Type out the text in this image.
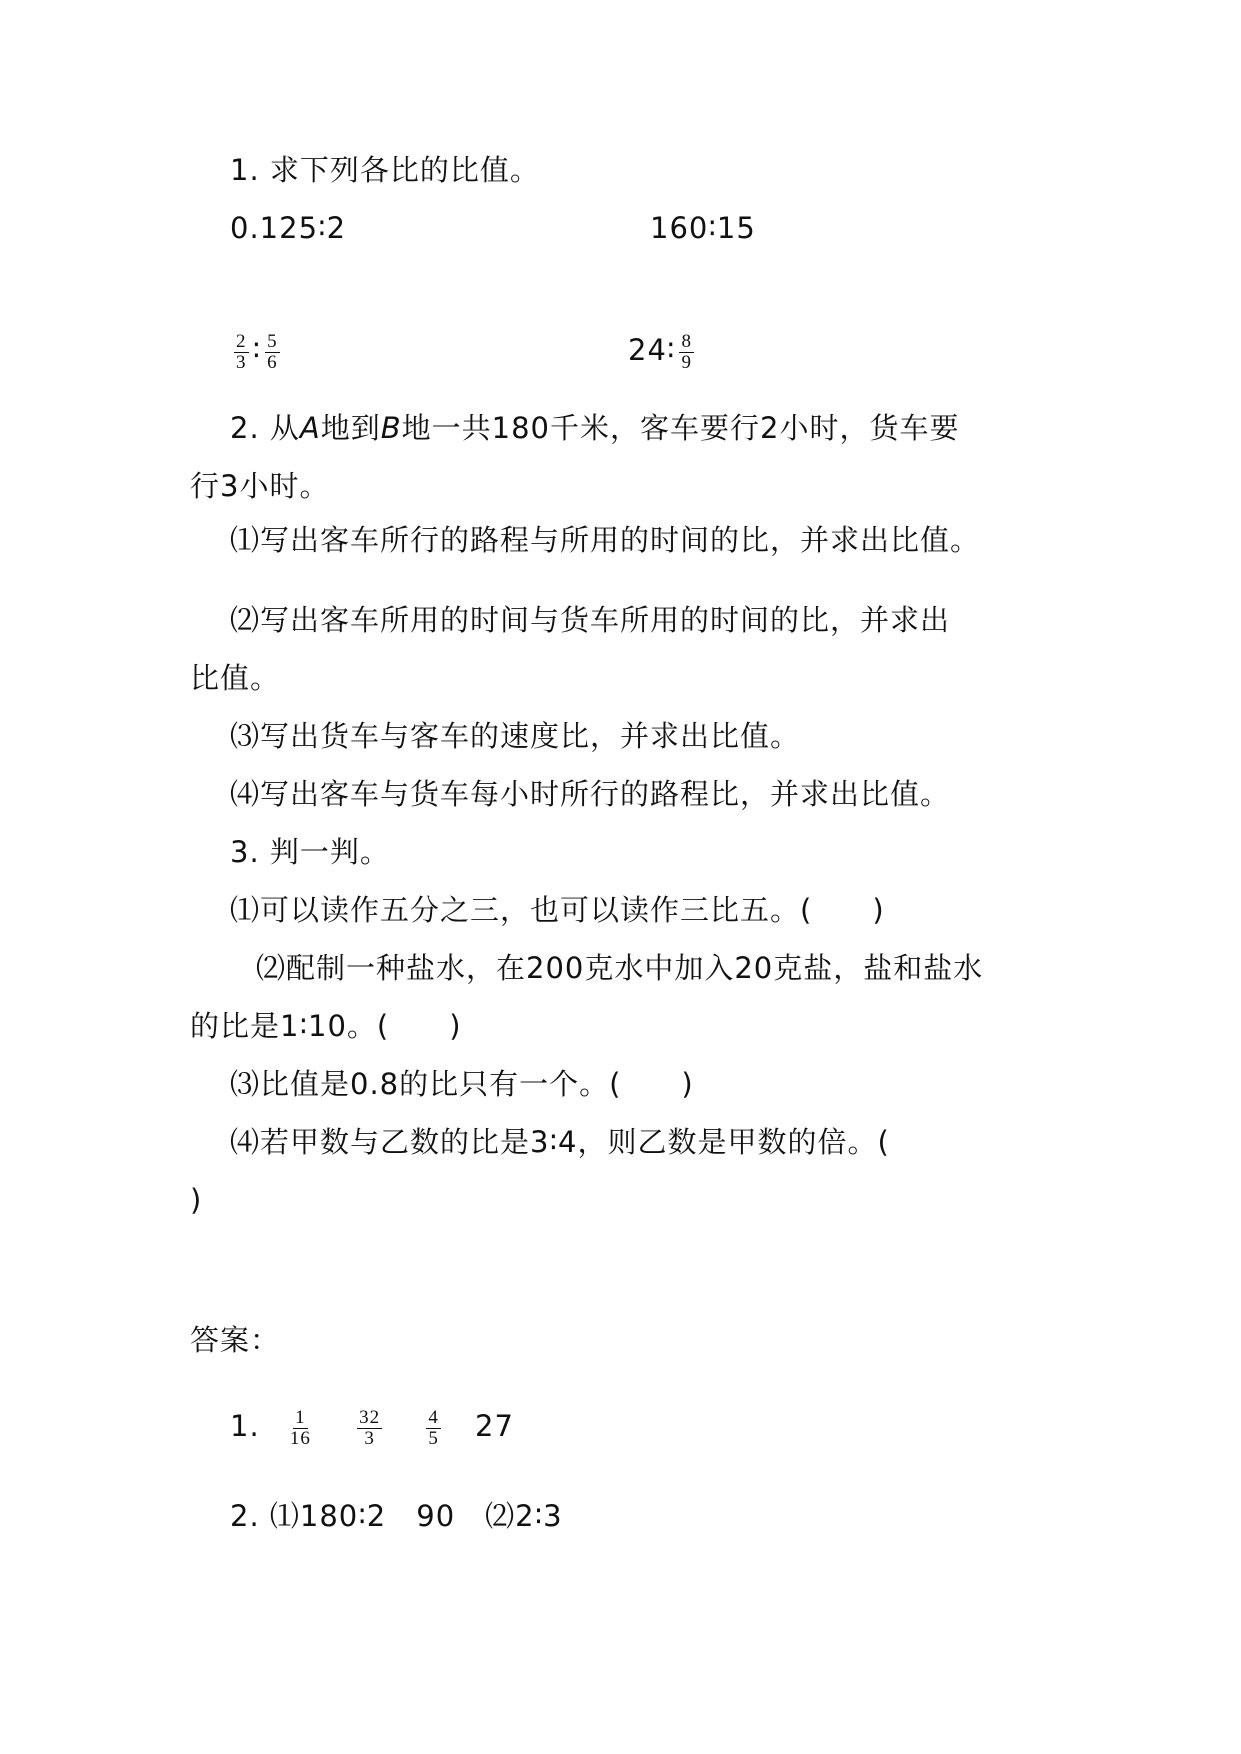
1. 求下列各比的比值。
0.125∶2	160∶15
$\frac{2}{3}$ ∶ $\frac{5}{6}$	24∶ $\frac{8}{9}$
2. 从A地到B地一共180千米，客车要行2小时，货车要
行3小时。
⑴写出客车所行的路程与所用的时间的比，并求出比值。
⑵写出客车所用的时间与货车所用的时间的比，并求出
比值。
⑶写出货车与客车的速度比，并求出比值。
⑷写出客车与货车每小时所行的路程比，并求出比值。
3. 判一判。
⑴可以读作五分之三，也可以读作三比五。(　　)
⑵配制一种盐水，在200克水中加入20克盐，盐和盐水
的比是1∶10。(　　)
⑶比值是0.8的比只有一个。(　　)
⑷若甲数与乙数的比是3∶4，则乙数是甲数的倍。(
)
答案：
1. $\frac{1}{16}$
$\frac{32}{3}$
$\frac{4}{5} 27$
2. ⑴180∶2　90　⑵2∶3
